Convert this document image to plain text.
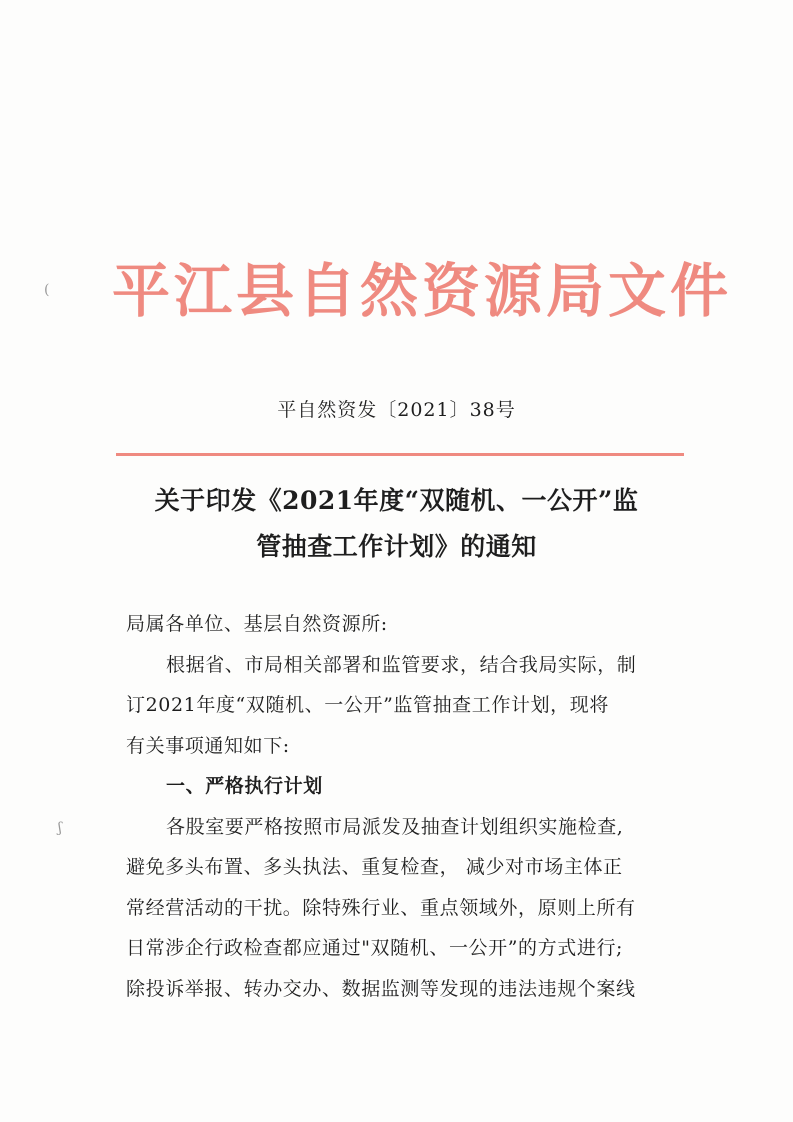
(
ʃ
平江县自然资源局文件
平自然资发〔2021〕38号
关于印发《2021年度“双随机、一公开”监
管抽查工作计划》的通知

局属各单位、基层自然资源所:

根据省、市局相关部署和监管要求，结合我局实际，制

订2021年度“双随机、一公开”监管抽查工作计划，现将

有关事项通知如下:

一、严格执行计划

各股室要严格按照市局派发及抽查计划组织实施检查,

避免多头布置、多头执法、重复检查， 减少对市场主体正

常经营活动的干扰。除特殊行业、重点领域外，原则上所有

日常涉企行政检查都应通过"双随机、一公开”的方式进行;

除投诉举报、转办交办、数据监测等发现的违法违规个案线
